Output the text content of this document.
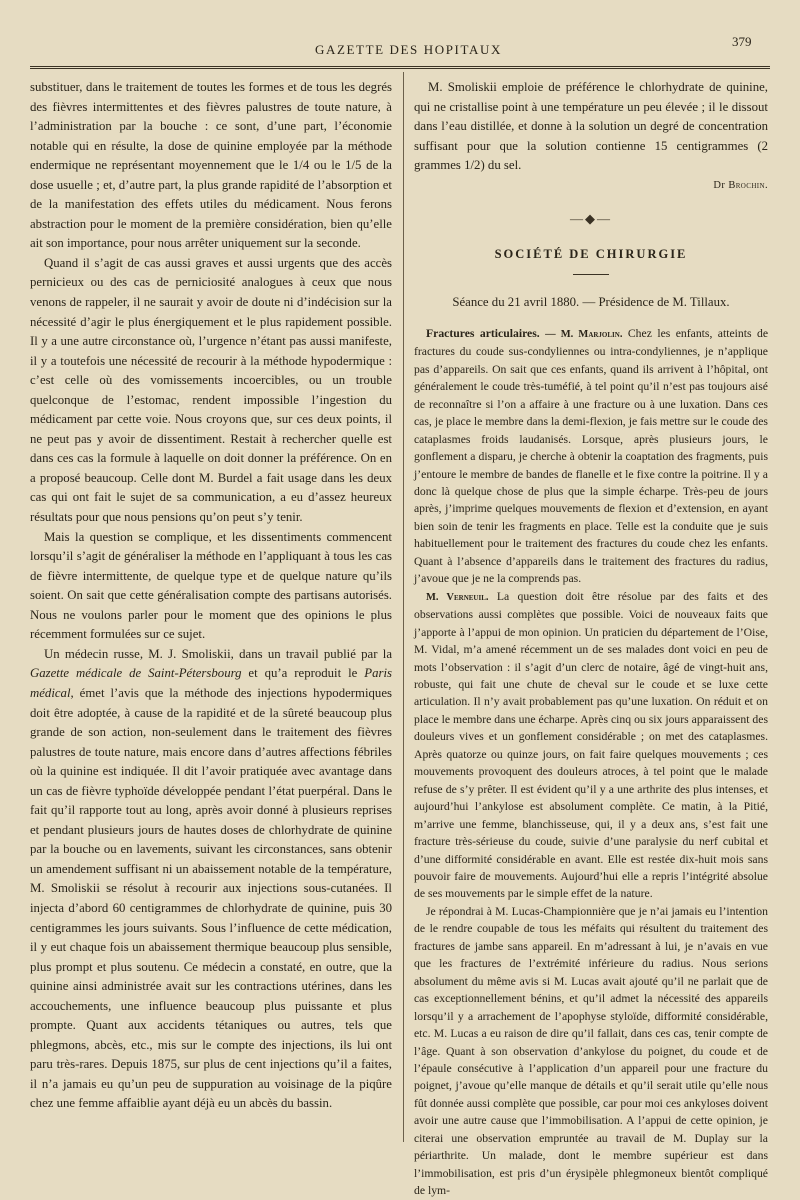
GAZETTE DES HOPITAUX
379

substituer, dans le traitement de toutes les formes et de tous les degrés des fièvres intermittentes et des fièvres palustres de toute nature, à l’administration par la bouche : ce sont, d’une part, l’économie notable qui en résulte, la dose de quinine employée par la méthode endermique ne représentant moyennement que le 1/4 ou le 1/5 de la dose usuelle ; et, d’autre part, la plus grande rapidité de l’absorption et de la manifestation des effets utiles du médicament. Nous ferons abstraction pour le moment de la première considération, bien qu’elle ait son importance, pour nous arrêter uniquement sur la seconde.

Quand il s’agit de cas aussi graves et aussi urgents que des accès pernicieux ou des cas de perniciosité analogues à ceux que nous venons de rappeler, il ne saurait y avoir de doute ni d’indécision sur la nécessité d’agir le plus énergiquement et le plus rapidement possible. Il y a une autre circonstance où, l’urgence n’étant pas aussi manifeste, il y a toutefois une nécessité de recourir à la méthode hypodermique : c’est celle où des vomissements incoercibles, ou un trouble quelconque de l’estomac, rendent impossible l’ingestion du médicament par cette voie. Nous croyons que, sur ces deux points, il ne peut pas y avoir de dissentiment. Restait à rechercher quelle est dans ces cas la formule à laquelle on doit donner la préférence. On en a proposé beaucoup. Celle dont M. Burdel a fait usage dans les deux cas qui ont fait le sujet de sa communication, a eu d’assez heureux résultats pour que nous pensions qu’on peut s’y tenir.

Mais la question se complique, et les dissentiments commencent lorsqu’il s’agit de généraliser la méthode en l’appliquant à tous les cas de fièvre intermittente, de quelque type et de quelque nature qu’ils soient. On sait que cette généralisation compte des partisans autorisés. Nous ne voulons parler pour le moment que des opinions le plus récemment formulées sur ce sujet.

Un médecin russe, M. J. Smoliskii, dans un travail publié par la Gazette médicale de Saint-Pétersbourg et qu’a reproduit le Paris médical, émet l’avis que la méthode des injections hypodermiques doit être adoptée, à cause de la rapidité et de la sûreté beaucoup plus grande de son action, non-seulement dans le traitement des fièvres palustres de toute nature, mais encore dans d’autres affections fébriles où la quinine est indiquée. Il dit l’avoir pratiquée avec avantage dans un cas de fièvre typhoïde développée pendant l’état puerpéral. Dans le fait qu’il rapporte tout au long, après avoir donné à plusieurs reprises et pendant plusieurs jours de hautes doses de chlorhydrate de quinine par la bouche ou en lavements, suivant les circonstances, sans obtenir un amendement suffisant ni un abaissement notable de la température, M. Smoliskii se résolut à recourir aux injections sous-cutanées. Il injecta d’abord 60 centigrammes de chlorhydrate de quinine, puis 30 centigrammes les jours suivants. Sous l’influence de cette médication, il y eut chaque fois un abaissement thermique beaucoup plus sensible, plus prompt et plus soutenu. Ce médecin a constaté, en outre, que la quinine ainsi administrée avait sur les contractions utérines, dans les accouchements, une influence beaucoup plus puissante et plus prompte. Quant aux accidents tétaniques ou autres, tels que phlegmons, abcès, etc., mis sur le compte des injections, ils lui ont paru très-rares. Depuis 1875, sur plus de cent injections qu’il a faites, il n’a jamais eu qu’un peu de suppuration au voisinage de la piqûre chez une femme affaiblie ayant déjà eu un abcès du bassin.

M. Smoliskii emploie de préférence le chlorhydrate de quinine, qui ne cristallise point à une température un peu élevée ; il le dissout dans l’eau distillée, et donne à la solution un degré de concentration suffisant pour que la solution contienne 15 centigrammes (2 grammes 1/2) du sel.

Dr Brochin.
—◆—
SOCIÉTÉ DE CHIRURGIE
Séance du 21 avril 1880. — Présidence de M. Tillaux.

Fractures articulaires. — M. Marjolin. Chez les enfants, atteints de fractures du coude sus-condyliennes ou intra-condyliennes, je n’applique pas d’appareils. On sait que ces enfants, quand ils arrivent à l’hôpital, ont généralement le coude très-tuméfié, à tel point qu’il n’est pas toujours aisé de reconnaître si l’on a affaire à une fracture ou à une luxation. Dans ces cas, je place le membre dans la demi-flexion, je fais mettre sur le coude des cataplasmes froids laudanisés. Lorsque, après plusieurs jours, le gonflement a disparu, je cherche à obtenir la coaptation des fragments, puis j’entoure le membre de bandes de flanelle et le fixe contre la poitrine. Il y a donc là quelque chose de plus que la simple écharpe. Très-peu de jours après, j’imprime quelques mouvements de flexion et d’extension, en ayant bien soin de tenir les fragments en place. Telle est la conduite que je suis habituellement pour le traitement des fractures du coude chez les enfants. Quant à l’absence d’appareils dans le traitement des fractures du radius, j’avoue que je ne la comprends pas.

M. Verneuil. La question doit être résolue par des faits et des observations aussi complètes que possible. Voici de nouveaux faits que j’apporte à l’appui de mon opinion. Un praticien du département de l’Oise, M. Vidal, m’a amené récemment un de ses malades dont voici en peu de mots l’observation : il s’agit d’un clerc de notaire, âgé de vingt-huit ans, robuste, qui fait une chute de cheval sur le coude et se luxe cette articulation. Il n’y avait probablement pas qu’une luxation. On réduit et on place le membre dans une écharpe. Après cinq ou six jours apparaissent des douleurs vives et un gonflement considérable ; on met des cataplasmes. Après quatorze ou quinze jours, on fait faire quelques mouvements ; ces mouvements provoquent des douleurs atroces, à tel point que le malade refuse de s’y prêter. Il est évident qu’il y a une arthrite des plus intenses, et aujourd’hui l’ankylose est absolument complète. Ce matin, à la Pitié, m’arrive une femme, blanchisseuse, qui, il y a deux ans, s’est fait une fracture très-sérieuse du coude, suivie d’une paralysie du nerf cubital et d’une difformité considérable en avant. Elle est restée dix-huit mois sans pouvoir faire de mouvements. Aujourd’hui elle a repris l’intégrité absolue de ses mouvements par le simple effet de la nature.

Je répondrai à M. Lucas-Championnière que je n’ai jamais eu l’intention de le rendre coupable de tous les méfaits qui résultent du traitement des fractures de jambe sans appareil. En m’adressant à lui, je n’avais en vue que les fractures de l’extrémité inférieure du radius. Nous serions absolument du même avis si M. Lucas avait ajouté qu’il ne parlait que de cas exceptionnellement bénins, et qu’il admet la nécessité des appareils lorsqu’il y a arrachement de l’apophyse styloïde, difformité considérable, etc. M. Lucas a eu raison de dire qu’il fallait, dans ces cas, tenir compte de l’âge. Quant à son observation d’ankylose du poignet, du coude et de l’épaule consécutive à l’application d’un appareil pour une fracture du poignet, j’avoue qu’elle manque de détails et qu’il serait utile qu’elle nous fût donnée aussi complète que possible, car pour moi ces ankyloses doivent avoir une autre cause que l’immobilisation. A l’appui de cette opinion, je citerai une observation empruntée au travail de M. Duplay sur la périarthrite. Un malade, dont le membre supérieur est dans l’immobilisation, est pris d’un érysipèle phlegmoneux bientôt compliqué de lym-
